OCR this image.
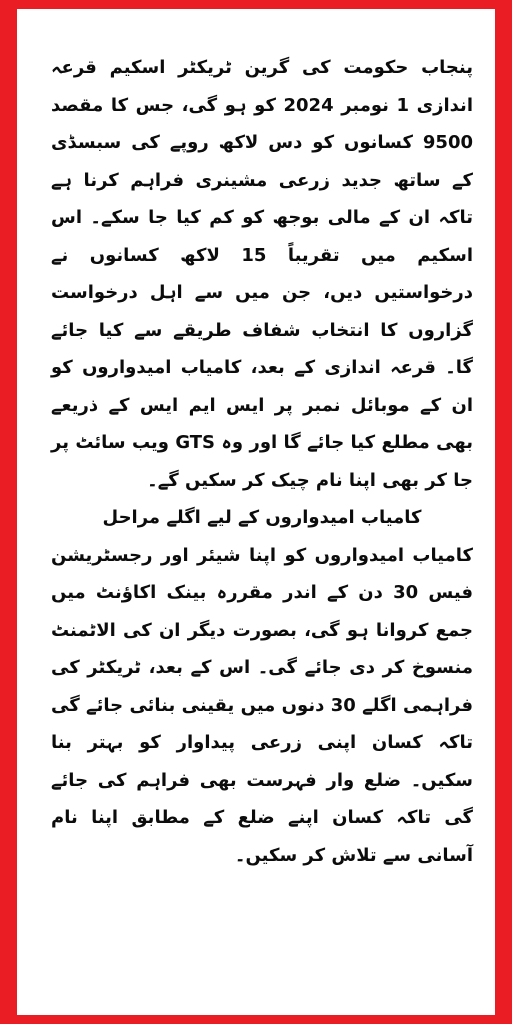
پنجاب حکومت کی گرین ٹریکٹر اسکیم قرعہ اندازی 1 نومبر 2024 کو ہو گی، جس کا مقصد 9500 کسانوں کو دس لاکھ روپے کی سبسڈی کے ساتھ جدید زرعی مشینری فراہم کرنا ہے تاکہ ان کے مالی بوجھ کو کم کیا جا سکے۔ اس اسکیم میں تقریباً 15 لاکھ کسانوں نے درخواستیں دیں، جن میں سے اہل درخواست گزاروں کا انتخاب شفاف طریقے سے کیا جائے گا۔ قرعہ اندازی کے بعد، کامیاب امیدواروں کو ان کے موبائل نمبر پر ایس ایم ایس کے ذریعے بھی مطلع کیا جائے گا اور وہ GTS ویب سائٹ پر جا کر بھی اپنا نام چیک کر سکیں گے۔

کامیاب امیدواروں کے لیے اگلے مراحل

کامیاب امیدواروں کو اپنا شیئر اور رجسٹریشن فیس 30 دن کے اندر مقررہ بینک اکاؤنٹ میں جمع کروانا ہو گی، بصورت دیگر ان کی الاٹمنٹ منسوخ کر دی جائے گی۔ اس کے بعد، ٹریکٹر کی فراہمی اگلے 30 دنوں میں یقینی بنائی جائے گی تاکہ کسان اپنی زرعی پیداوار کو بہتر بنا سکیں۔ ضلع وار فہرست بھی فراہم کی جائے گی تاکہ کسان اپنے ضلع کے مطابق اپنا نام آسانی سے تلاش کر سکیں۔
